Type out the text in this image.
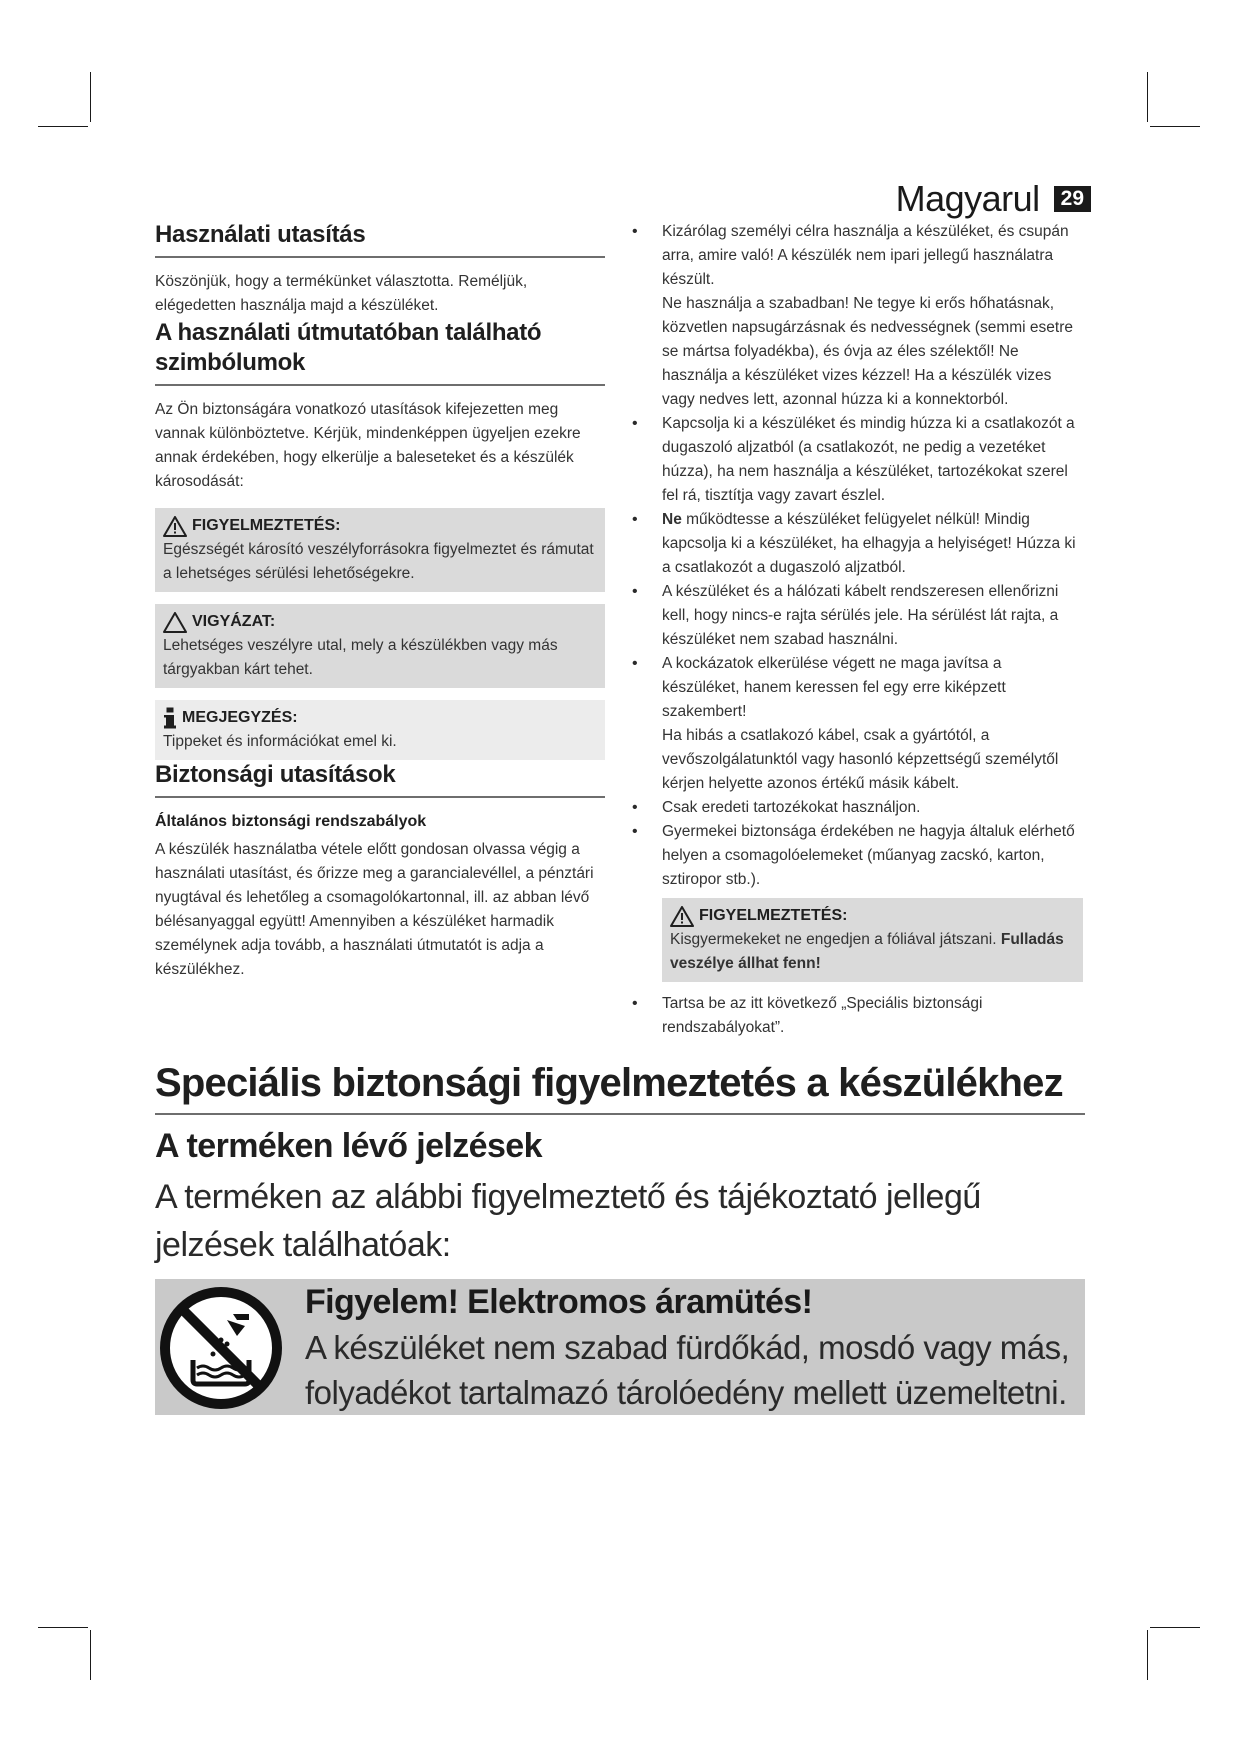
Magyarul	29
Használati utasítás

Köszönjük, hogy a termékünket választotta. Reméljük, elégedetten használja majd a készüléket.

A használati útmutatóban található szimbólumok

Az Ön biztonságára vonatkozó utasítások kifejezetten meg vannak különböztetve. Kérjük, mindenképpen ügyeljen ezekre annak érdekében, hogy elkerülje a baleseteket és a készülék károsodását:

FIGYELMEZTETÉS:

Egészségét károsító veszélyforrásokra figyelmeztet és rámutat a lehetséges sérülési lehetőségekre.

VIGYÁZAT:

Lehetséges veszélyre utal, mely a készülékben vagy más tárgyakban kárt tehet.

MEGJEGYZÉS:

Tippeket és információkat emel ki.

Biztonsági utasítások
Általános biztonsági rendszabályok

A készülék használatba vétele előtt gondosan olvassa végig a használati utasítást, és őrizze meg a garancialevéllel, a pénztári nyugtával és lehetőleg a csomagolókartonnal, ill. az abban lévő bélésanyaggal együtt! Amennyiben a készüléket harmadik személynek adja tovább, a használati útmutatót is adja a készülékhez.

• Kizárólag személyi célra használja a készüléket, és csupán arra, amire való! A készülék nem ipari jellegű használatra készült.
Ne használja a szabadban! Ne tegye ki erős hőhatásnak, közvetlen napsugárzásnak és nedvességnek (semmi esetre se mártsa folyadékba), és óvja az éles szélektől! Ne használja a készüléket vizes kézzel! Ha a készülék vizes vagy nedves lett, azonnal húzza ki a konnektorból.
• Kapcsolja ki a készüléket és mindig húzza ki a csatlakozót a dugaszoló aljzatból (a csatlakozót, ne pedig a vezetéket húzza), ha nem használja a készüléket, tartozékokat szerel fel rá, tisztítja vagy zavart észlel.
• Ne működtesse a készüléket felügyelet nélkül! Mindig kapcsolja ki a készüléket, ha elhagyja a helyiséget! Húzza ki a csatlakozót a dugaszoló aljzatból.
• A készüléket és a hálózati kábelt rendszeresen ellenőrizni kell, hogy nincs-e rajta sérülés jele. Ha sérülést lát rajta, a készüléket nem szabad használni.
• A kockázatok elkerülése végett ne maga javítsa a készüléket, hanem keressen fel egy erre kiképzett szakembert!
Ha hibás a csatlakozó kábel, csak a gyártótól, a vevőszolgálatunktól vagy hasonló képzettségű személytől kérjen helyette azonos értékű másik kábelt.
• Csak eredeti tartozékokat használjon.
• Gyermekei biztonsága érdekében ne hagyja általuk elérhető helyen a csomagolóelemeket (műanyag zacskó, karton, sztiropor stb.).
FIGYELMEZTETÉS:

Kisgyermekeket ne engedjen a fóliával játszani. Fulladás veszélye állhat fenn!

• Tartsa be az itt következő „Speciális biztonsági rendszabályokat”.
Speciális biztonsági figyelmeztetés a készülékhez
A terméken lévő jelzések

A terméken az alábbi figyelmeztető és tájékoztató jellegű jelzések találhatóak:

Figyelem! Elektromos áramütés!

A készüléket nem szabad fürdőkád, mosdó vagy más, folyadékot tartalmazó tárolóedény mellett üzemeltetni.
